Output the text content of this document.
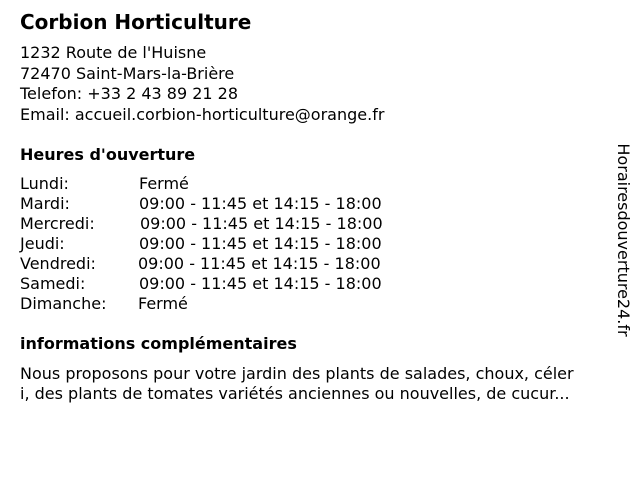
Corbion Horticulture
1232 Route de l'Huisne
72470 Saint-Mars-la-Brière
Telefon: +33 2 43 89 21 28
Email: accueil.corbion-horticulture@orange.fr
Heures d'ouverture
Lundi:	Fermé
Mardi:	09:00 - 11:45 et 14:15 - 18:00
Mercredi:	09:00 - 11:45 et 14:15 - 18:00
Jeudi:	09:00 - 11:45 et 14:15 - 18:00
Vendredi:	09:00 - 11:45 et 14:15 - 18:00
Samedi:	09:00 - 11:45 et 14:15 - 18:00
Dimanche: Fermé
informations complémentaires
Nous proposons pour votre jardin des plants de salades, choux, céler
i, des plants de tomates variétés anciennes ou nouvelles, de cucur...
Horairesdouverture24.fr
